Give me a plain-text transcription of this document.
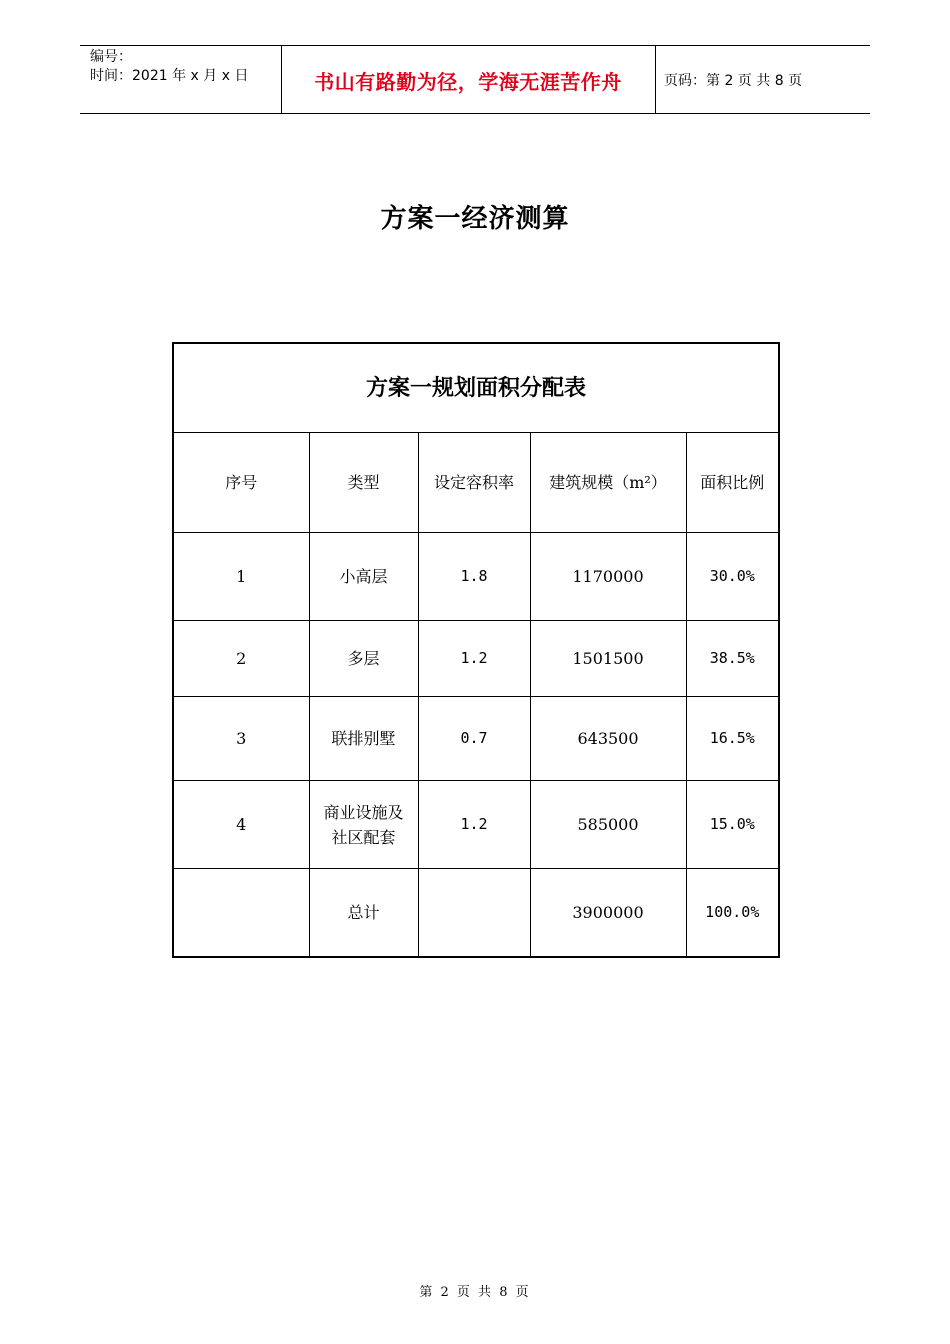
编号：
时间：2021 年 x 月 x 日	书山有路勤为径，学海无涯苦作舟	页码：第 2 页 共 8 页
方案一经济测算
方案一规划面积分配表				
序号	类型	设定容积率	建筑规模（m²）	面积比例
1	小高层	1.8	1170000	30.0%
2	多层	1.2	1501500	38.5%
3	联排别墅	0.7	643500	16.5%
4	商业设施及社区配套	1.2	585000	15.0%
	总计		3900000	100.0%
第 2 页 共 8 页
